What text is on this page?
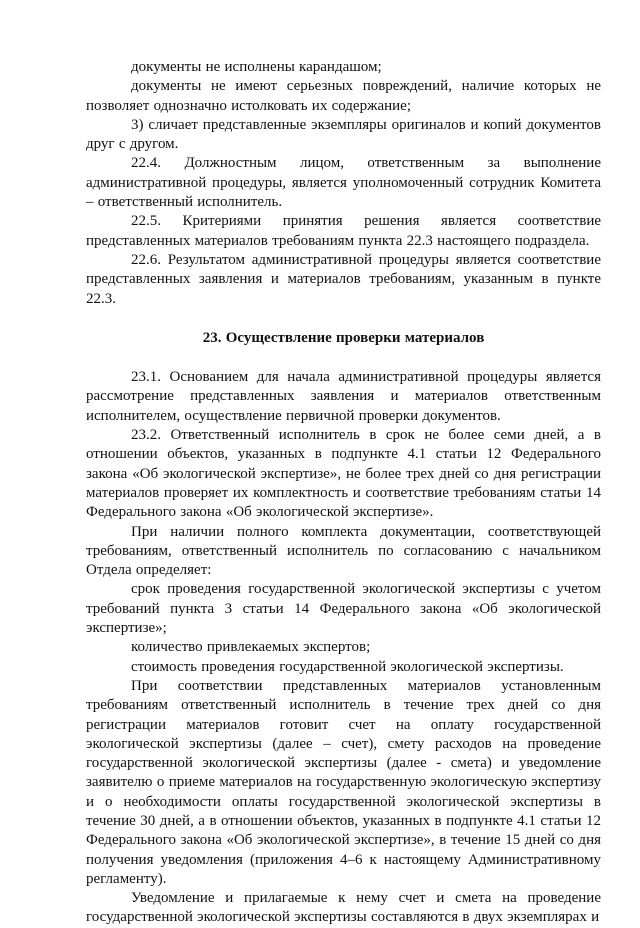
документы не исполнены карандашом;

документы не имеют серьезных повреждений, наличие которых не позволяет однозначно истолковать их содержание;

3) сличает представленные экземпляры оригиналов и копий документов друг с другом.

22.4. Должностным лицом, ответственным за выполнение административной процедуры, является уполномоченный сотрудник Комитета – ответственный исполнитель.

22.5. Критериями принятия решения является соответствие представленных материалов требованиям пункта 22.3 настоящего подраздела.

22.6. Результатом административной процедуры является соответствие представленных заявления и материалов требованиям, указанным в пункте 22.3.

23. Осуществление проверки материалов

23.1. Основанием для начала административной процедуры является рассмотрение представленных заявления и материалов ответственным исполнителем, осуществление первичной проверки документов.

23.2. Ответственный исполнитель в срок не более семи дней, а в отношении объектов, указанных в подпункте 4.1 статьи 12 Федерального закона «Об экологической экспертизе», не более трех дней со дня регистрации материалов проверяет их комплектность и соответствие требованиям статьи 14 Федерального закона «Об экологической экспертизе».

При наличии полного комплекта документации, соответствующей требованиям, ответственный исполнитель по согласованию с начальником Отдела определяет:

срок проведения государственной экологической экспертизы с учетом требований пункта 3 статьи 14 Федерального закона «Об экологической экспертизе»;

количество привлекаемых экспертов;

стоимость проведения государственной экологической экспертизы.

При соответствии представленных материалов установленным требованиям ответственный исполнитель в течение трех дней со дня регистрации материалов готовит счет на оплату государственной экологической экспертизы (далее – счет), смету расходов на проведение государственной экологической экспертизы (далее - смета) и уведомление заявителю о приеме материалов на государственную экологическую экспертизу и о необходимости оплаты государственной экологической экспертизы в течение 30 дней, а в отношении объектов, указанных в подпункте 4.1 статьи 12 Федерального закона «Об экологической экспертизе», в течение 15 дней со дня получения уведомления (приложения 4–6 к настоящему Административному регламенту).

Уведомление и прилагаемые к нему счет и смета на проведение государственной экологической экспертизы составляются в двух экземплярах и
